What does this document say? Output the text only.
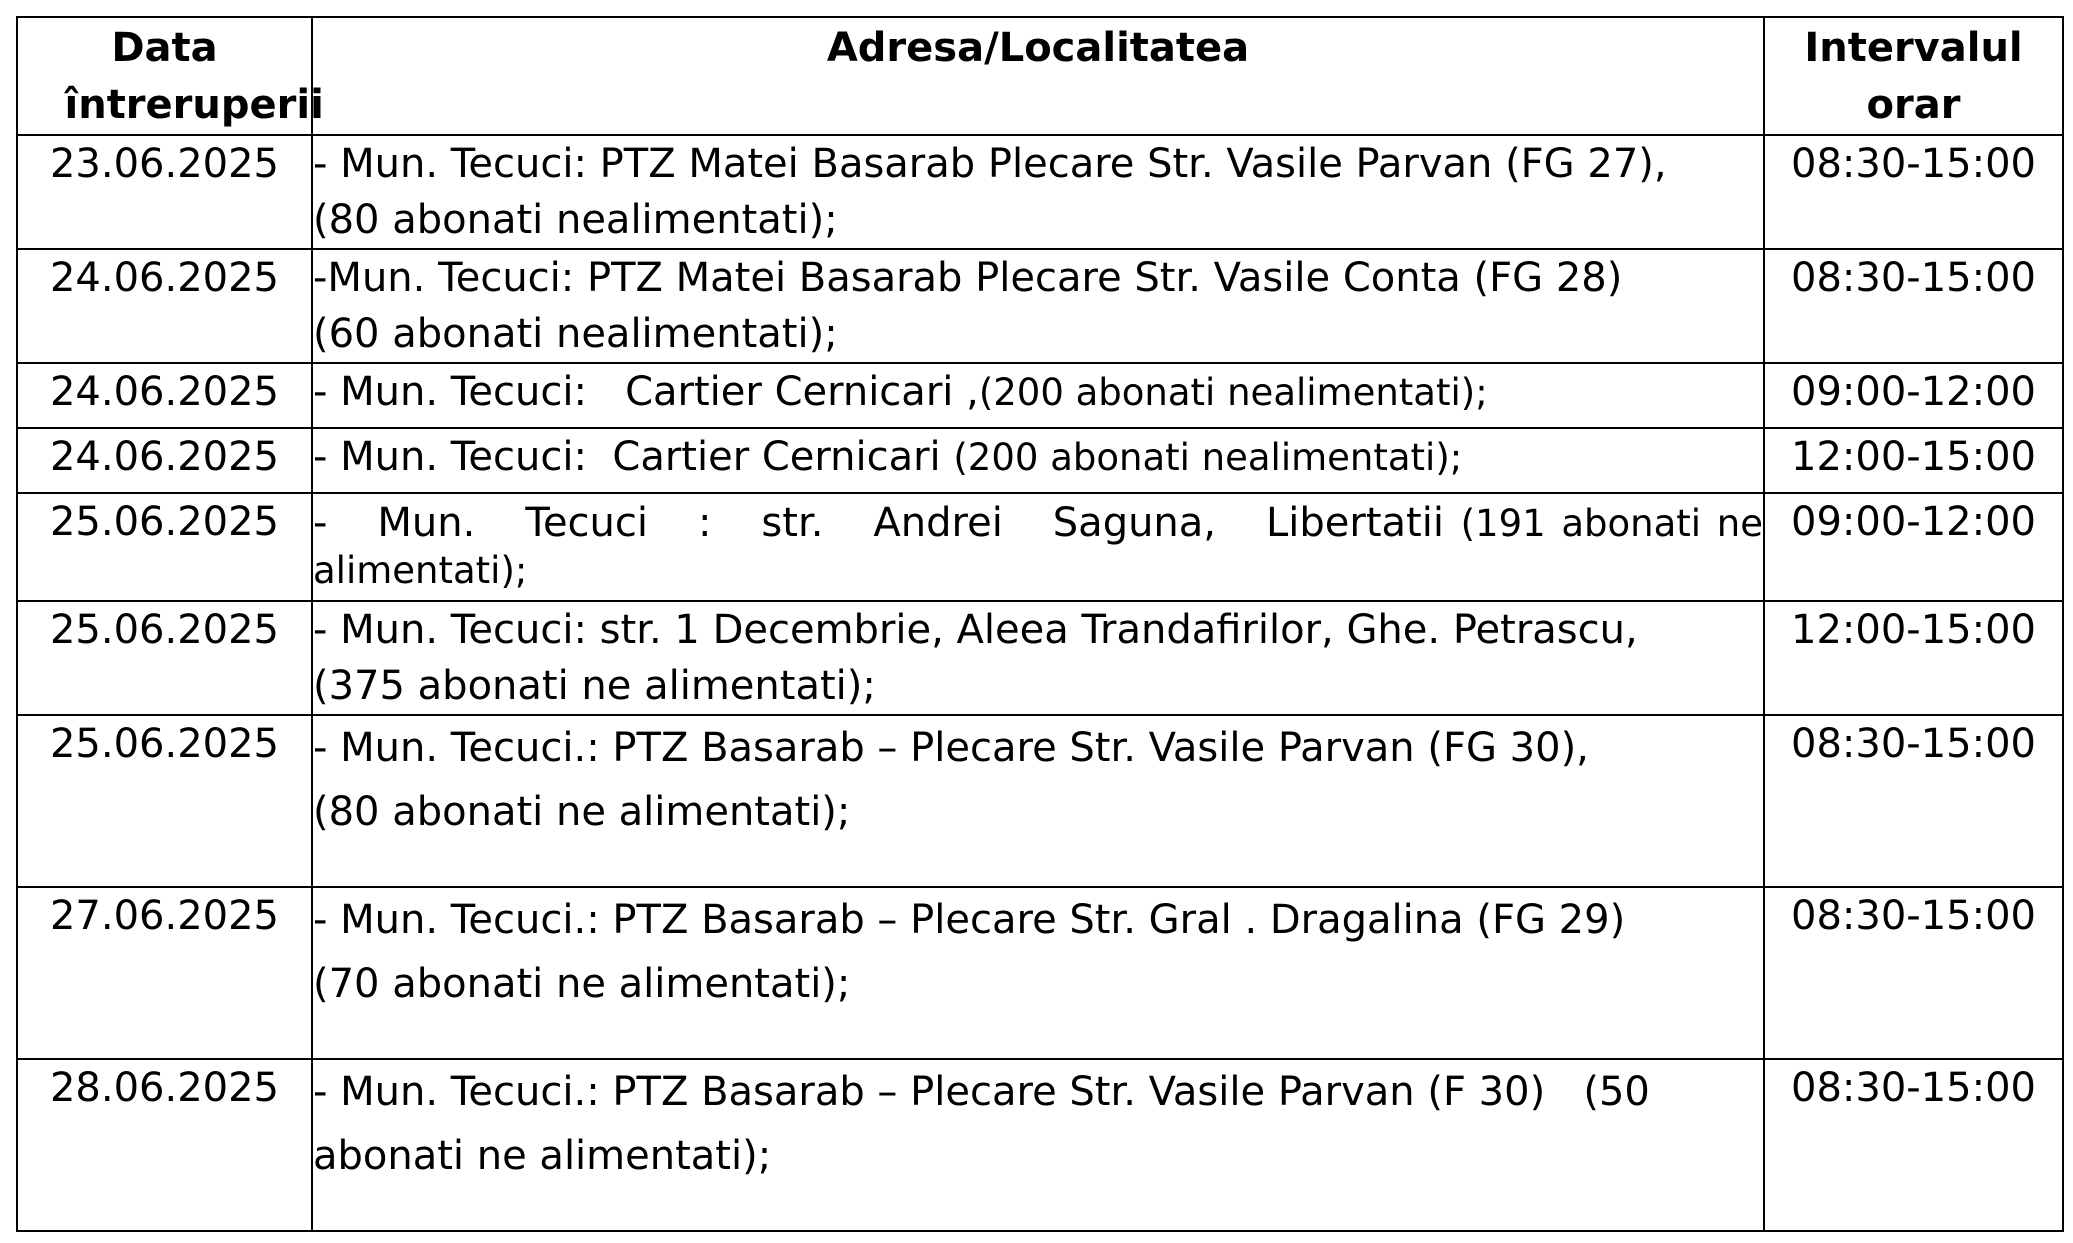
Data întreruperii	Adresa/Localitatea	Intervalul orar

23.06.2025	- Mun. Tecuci: PTZ Matei Basarab Plecare Str. Vasile Parvan (FG 27),
(80 abonati nealimentati);	08:30-15:00
24.06.2025	-Mun. Tecuci: PTZ Matei Basarab Plecare Str. Vasile Conta (FG 28)
(60 abonati nealimentati);	08:30-15:00
24.06.2025	- Mun. Tecuci:   Cartier Cernicari ,(200 abonati nealimentati);	09:00-12:00
24.06.2025	- Mun. Tecuci:  Cartier Cernicari (200 abonati nealimentati);	12:00-15:00
25.06.2025	-   Mun.   Tecuci   :   str.   Andrei   Saguna,   Libertatii (191 abonati ne alimentati);	09:00-12:00
25.06.2025	- Mun. Tecuci: str. 1 Decembrie, Aleea Trandafirilor, Ghe. Petrascu,
(375 abonati ne alimentati);	12:00-15:00
25.06.2025	- Mun. Tecuci.: PTZ Basarab – Plecare Str. Vasile Parvan (FG 30),
(80 abonati ne alimentati);	08:30-15:00
27.06.2025	- Mun. Tecuci.: PTZ Basarab – Plecare Str. Gral . Dragalina (FG 29)
(70 abonati ne alimentati);	08:30-15:00
28.06.2025	- Mun. Tecuci.: PTZ Basarab – Plecare Str. Vasile Parvan (F 30)   (50
abonati ne alimentati);	08:30-15:00
